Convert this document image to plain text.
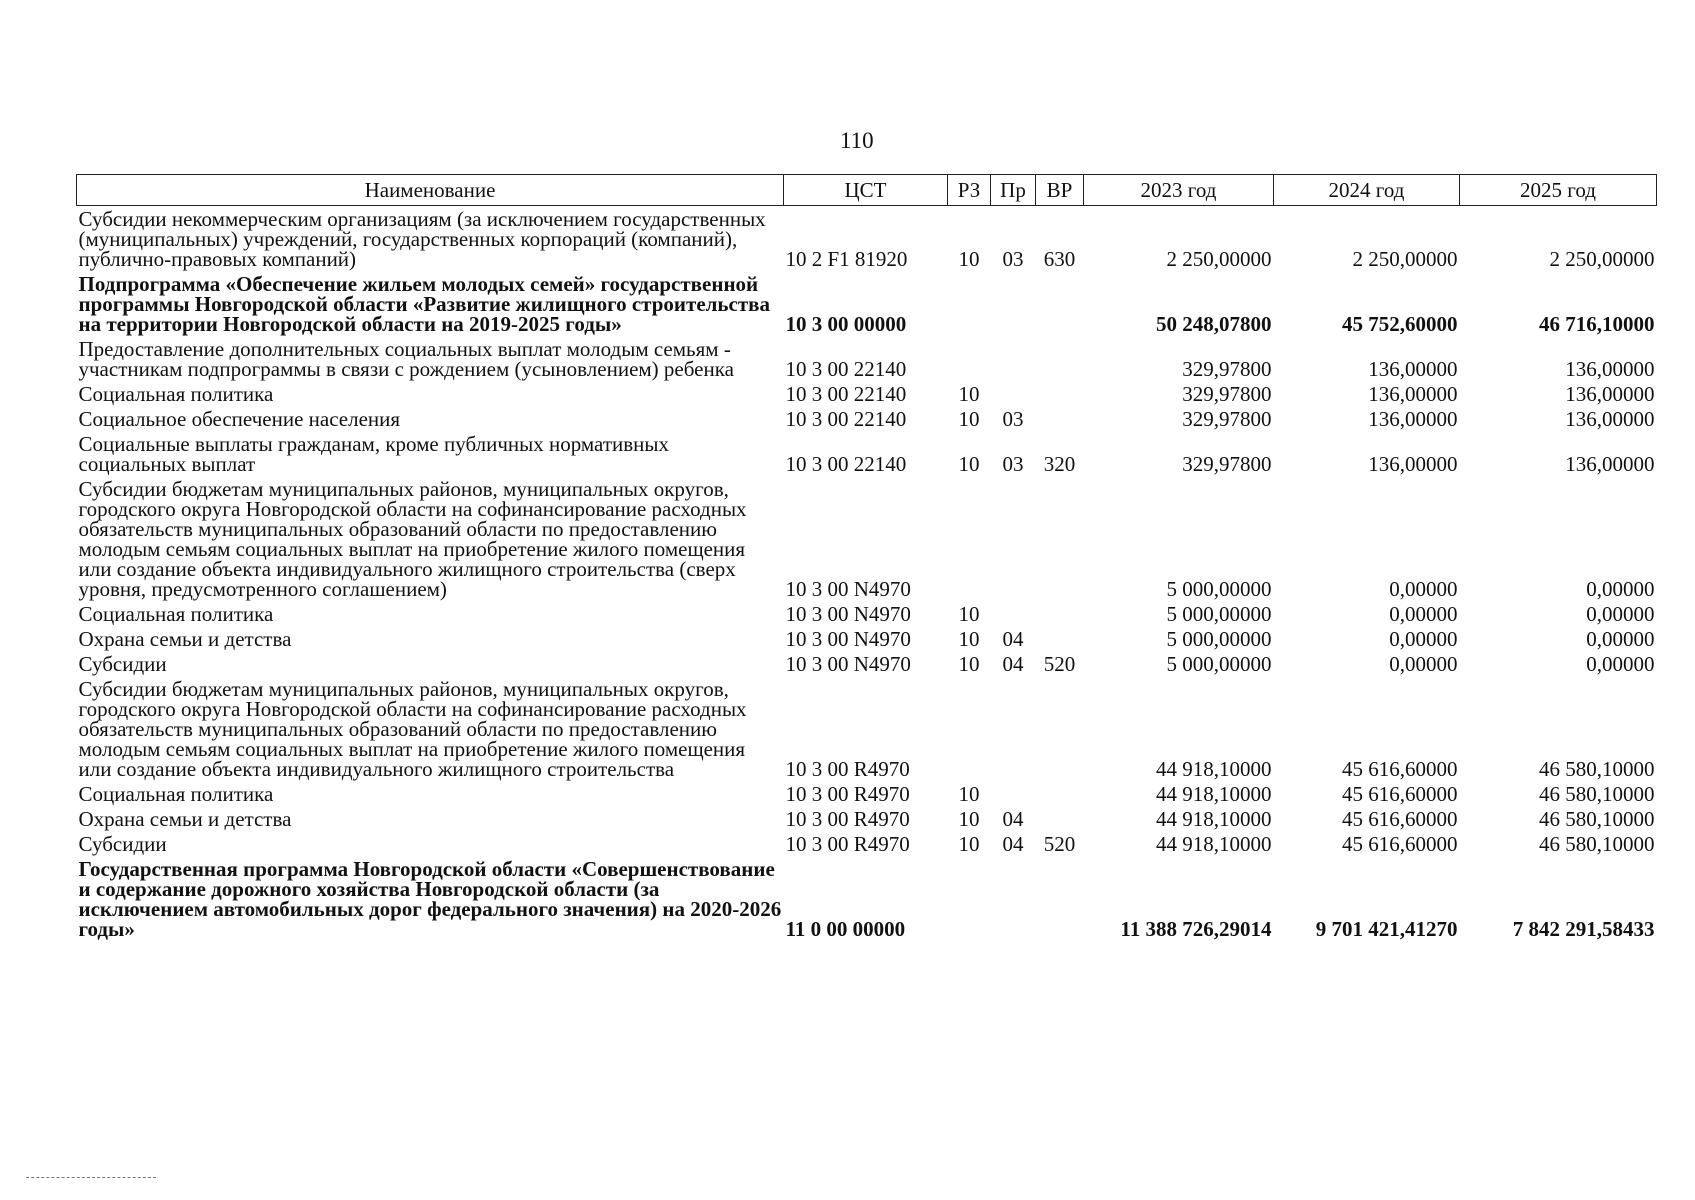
110
Наименование	ЦСТ	РЗ	Пр	ВР	2023 год	2024 год	2025 год
Субсидии некоммерческим организациям (за исключением государственных (муниципальных) учреждений, государственных корпораций (компаний), публично-правовых компаний)	10 2 F1 81920	10	03	630	2 250,00000	2 250,00000	2 250,00000
Подпрограмма «Обеспечение жильем молодых семей» государственной программы Новгородской области «Развитие жилищного строительства на территории Новгородской области на 2019-2025 годы»	10 3 00 00000				50 248,07800	45 752,60000	46 716,10000
Предоставление дополнительных социальных выплат молодым семьям - участникам подпрограммы в связи с рождением (усыновлением) ребенка	10 3 00 22140				329,97800	136,00000	136,00000
Социальная политика	10 3 00 22140	10			329,97800	136,00000	136,00000
Социальное обеспечение населения	10 3 00 22140	10	03		329,97800	136,00000	136,00000
Социальные выплаты гражданам, кроме публичных нормативных социальных выплат	10 3 00 22140	10	03	320	329,97800	136,00000	136,00000
Субсидии бюджетам муниципальных районов, муниципальных округов, городского округа Новгородской области на софинансирование расходных обязательств муниципальных образований области по предоставлению молодым семьям социальных выплат на приобретение жилого помещения или создание объекта индивидуального жилищного строительства (сверх уровня, предусмотренного соглашением)	10 3 00 N4970				5 000,00000	0,00000	0,00000
Социальная политика	10 3 00 N4970	10			5 000,00000	0,00000	0,00000
Охрана семьи и детства	10 3 00 N4970	10	04		5 000,00000	0,00000	0,00000
Субсидии	10 3 00 N4970	10	04	520	5 000,00000	0,00000	0,00000
Субсидии бюджетам муниципальных районов, муниципальных округов, городского округа Новгородской области на софинансирование расходных обязательств муниципальных образований области по предоставлению молодым семьям социальных выплат на приобретение жилого помещения или создание объекта индивидуального жилищного строительства	10 3 00 R4970				44 918,10000	45 616,60000	46 580,10000
Социальная политика	10 3 00 R4970	10			44 918,10000	45 616,60000	46 580,10000
Охрана семьи и детства	10 3 00 R4970	10	04		44 918,10000	45 616,60000	46 580,10000
Субсидии	10 3 00 R4970	10	04	520	44 918,10000	45 616,60000	46 580,10000
Государственная программа Новгородской области «Совершенствование и содержание дорожного хозяйства Новгородской области (за исключением автомобильных дорог федерального значения) на 2020-2026 годы»	11 0 00 00000				11 388 726,29014	9 701 421,41270	7 842 291,58433
